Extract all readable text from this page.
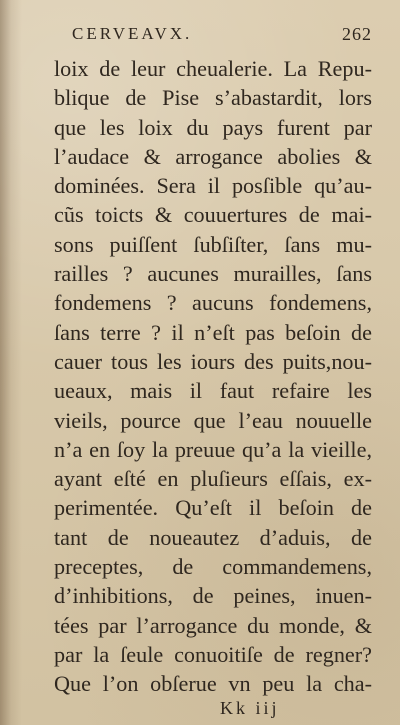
CERVEAVX.	262
loix de leur cheualerie. La Repu-
blique de Pise s’abastardit, lors
que les loix du pays furent par
l’audace & arrogance abolies &
dominées. Sera il posſible qu’au-
cũs toicts & couuertures de mai-
sons puiſſent ſubſiſter, ſans mu-
railles ? aucunes murailles, ſans
fondemens ? aucuns fondemens,
ſans terre ? il n’eſt pas beſoin de
cauer tous les iours des puits,nou-
ueaux, mais il faut refaire les
vieils, pource que l’eau nouuelle
n’a en ſoy la preuue qu’a la vieille,
ayant eſté en pluſieurs eſſais, ex-
perimentée. Qu’eſt il beſoin de
tant de noueautez d’aduis, de
preceptes, de commandemens,
d’inhibitions, de peines, inuen-
tées par l’arrogance du monde, &
par la ſeule conuoitiſe de regner?
Que l’on obſerue vn peu la cha-
Kk iij
